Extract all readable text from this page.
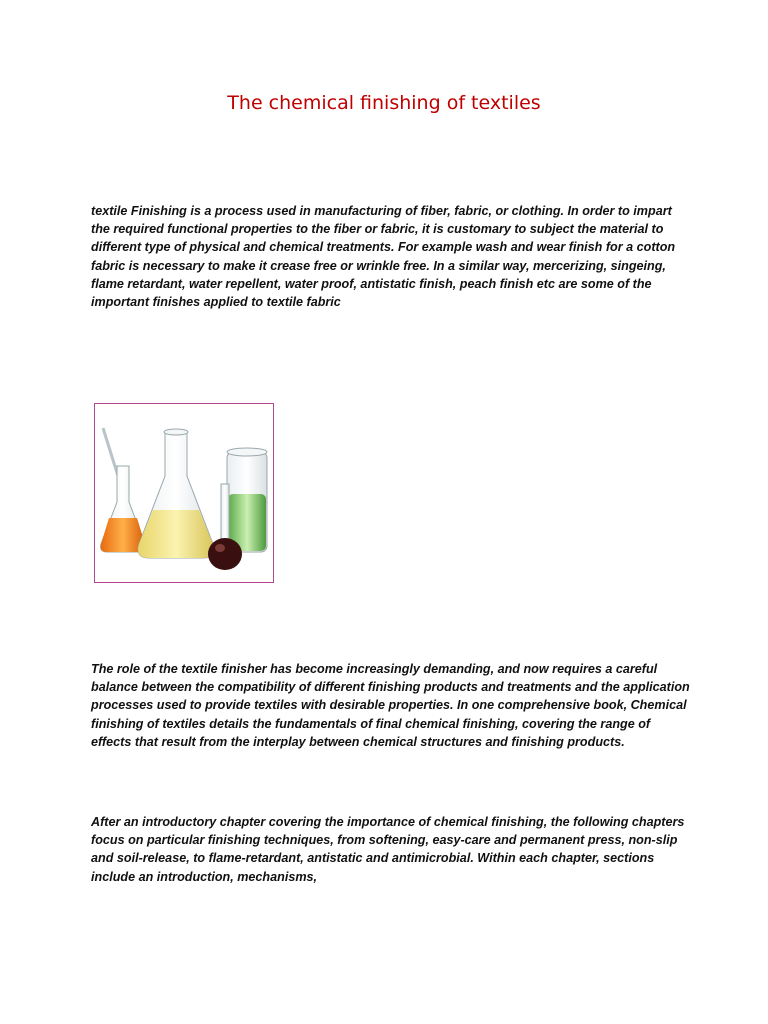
The chemical finishing of textiles

textile Finishing is a process used in manufacturing of fiber, fabric, or clothing. In order to impart the required functional properties to the fiber or fabric, it is customary to subject the material to different type of physical and chemical treatments. For example wash and wear finish for a cotton fabric is necessary to make it crease free or wrinkle free. In a similar way, mercerizing, singeing, flame retardant, water repellent, water proof, antistatic finish, peach finish etc are some of the important finishes applied to textile fabric

The role of the textile finisher has become increasingly demanding, and now requires a careful balance between the compatibility of different finishing products and treatments and the application processes used to provide textiles with desirable properties. In one comprehensive book, Chemical finishing of textiles details the fundamentals of final chemical finishing, covering the range of effects that result from the interplay between chemical structures and finishing products.

After an introductory chapter covering the importance of chemical finishing, the following chapters focus on particular finishing techniques, from softening, easy-care and permanent press, non-slip and soil-release, to flame-retardant, antistatic and antimicrobial. Within each chapter, sections include an introduction, mechanisms,
